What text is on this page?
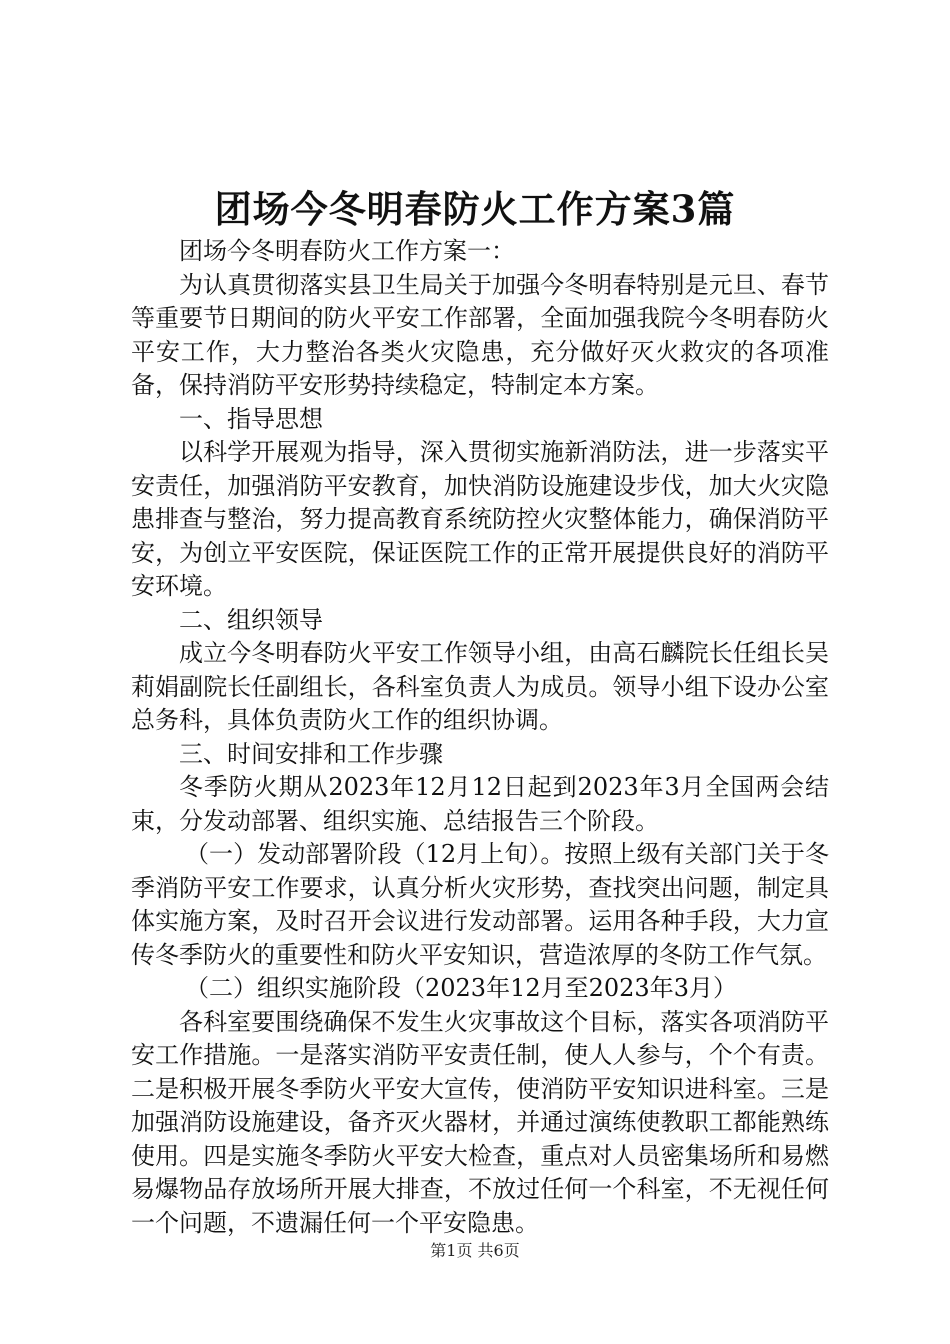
团场今冬明春防火工作方案3篇

团场今冬明春防火工作方案一：

为认真贯彻落实县卫生局关于加强今冬明春特别是元旦、春节等重要节日期间的防火平安工作部署，全面加强我院今冬明春防火平安工作，大力整治各类火灾隐患，充分做好灭火救灾的各项准备，保持消防平安形势持续稳定，特制定本方案。

一、指导思想

以科学开展观为指导，深入贯彻实施新消防法，进一步落实平安责任，加强消防平安教育，加快消防设施建设步伐，加大火灾隐患排查与整治，努力提高教育系统防控火灾整体能力，确保消防平安，为创立平安医院，保证医院工作的正常开展提供良好的消防平安环境。

二、组织领导

成立今冬明春防火平安工作领导小组，由高石麟院长任组长吴莉娟副院长任副组长，各科室负责人为成员。领导小组下设办公室总务科，具体负责防火工作的组织协调。

三、时间安排和工作步骤

冬季防火期从2023年12月12日起到2023年3月全国两会结束，分发动部署、组织实施、总结报告三个阶段。

（一）发动部署阶段（12月上旬）。按照上级有关部门关于冬季消防平安工作要求，认真分析火灾形势，查找突出问题，制定具体实施方案，及时召开会议进行发动部署。运用各种手段，大力宣传冬季防火的重要性和防火平安知识，营造浓厚的冬防工作气氛。

（二）组织实施阶段（2023年12月至2023年3月）

各科室要围绕确保不发生火灾事故这个目标，落实各项消防平安工作措施。一是落实消防平安责任制，使人人参与，个个有责。二是积极开展冬季防火平安大宣传，使消防平安知识进科室。三是加强消防设施建设，备齐灭火器材，并通过演练使教职工都能熟练使用。四是实施冬季防火平安大检查，重点对人员密集场所和易燃易爆物品存放场所开展大排查，不放过任何一个科室，不无视任何一个问题，不遗漏任何一个平安隐患。

第1页 共6页
